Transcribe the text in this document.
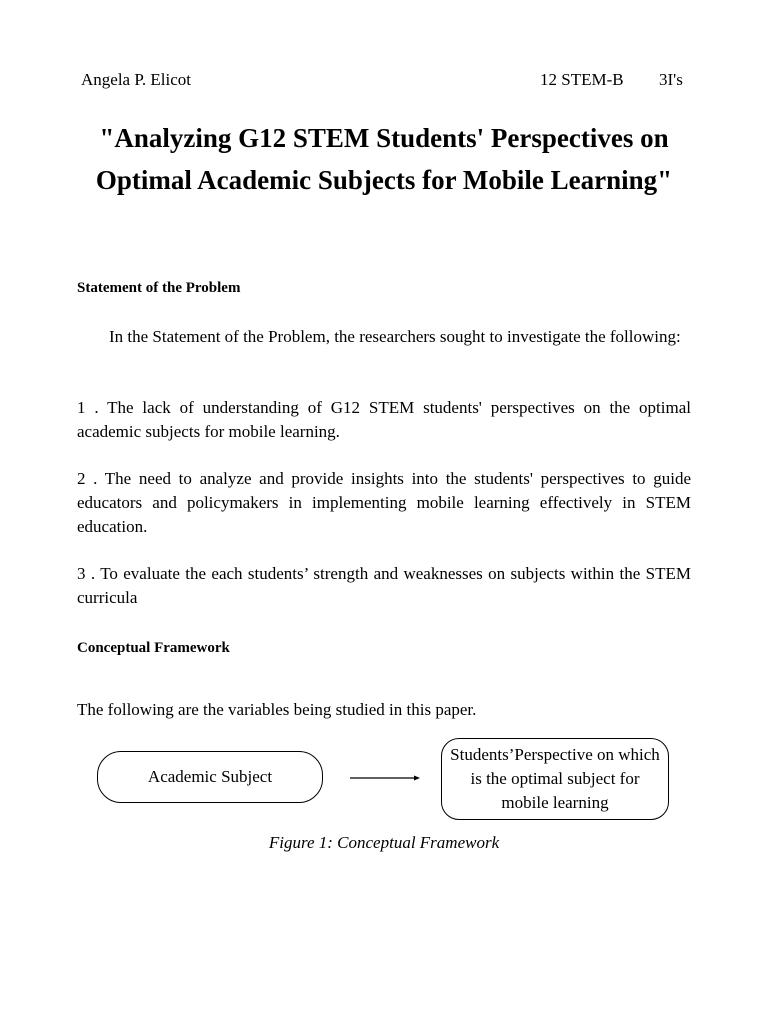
Angela P. Elicot	12 STEM-B 3I's
"Analyzing G12 STEM Students' Perspectives on Optimal Academic Subjects for Mobile Learning"
Statement of the Problem

In the Statement of the Problem, the researchers sought to investigate the following:

1 . The lack of understanding of G12 STEM students' perspectives on the optimal academic subjects for mobile learning.

2 . The need to analyze and provide insights into the students' perspectives to guide educators and policymakers in implementing mobile learning effectively in STEM education.

3 . To evaluate the each students’ strength and weaknesses on subjects within the STEM curricula

Conceptual Framework

The following are the variables being studied in this paper.

Academic Subject
Students’Perspective on which is the optimal subject for mobile learning
Figure 1: Conceptual Framework
